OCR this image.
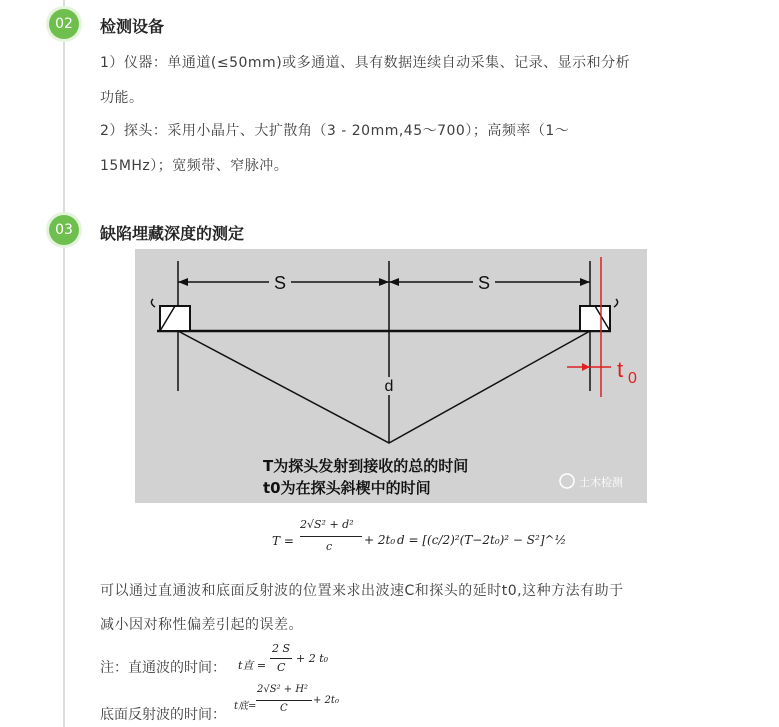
02	检测设备
1）仪器：单通道(≤50mm)或多通道、具有数据连续自动采集、记录、显示和分析
功能。
2）探头：采用小晶片、大扩散角（3 - 20mm,45～700）；高频率（1～
15MHz）；宽频带、窄脉冲。
03	缺陷埋藏深度的测定
S	S
t 0
d
T为探头发射到接收的总的时间
t0为在探头斜楔中的时间	土木检测
T =
2√S² + d²
c	+ 2t₀ d = [(c/2)²(T−2t₀)² − S²]^½
可以通过直通波和底面反射波的位置来求出波速C和探头的延时t0,这种方法有助于
减小因对称性偏差引起的误差。
注：直通波的时间： t直 =
2 S
C
+ 2 t₀
底面反射波的时间：
t底=
2√S² + H²
C
+ 2t₀
